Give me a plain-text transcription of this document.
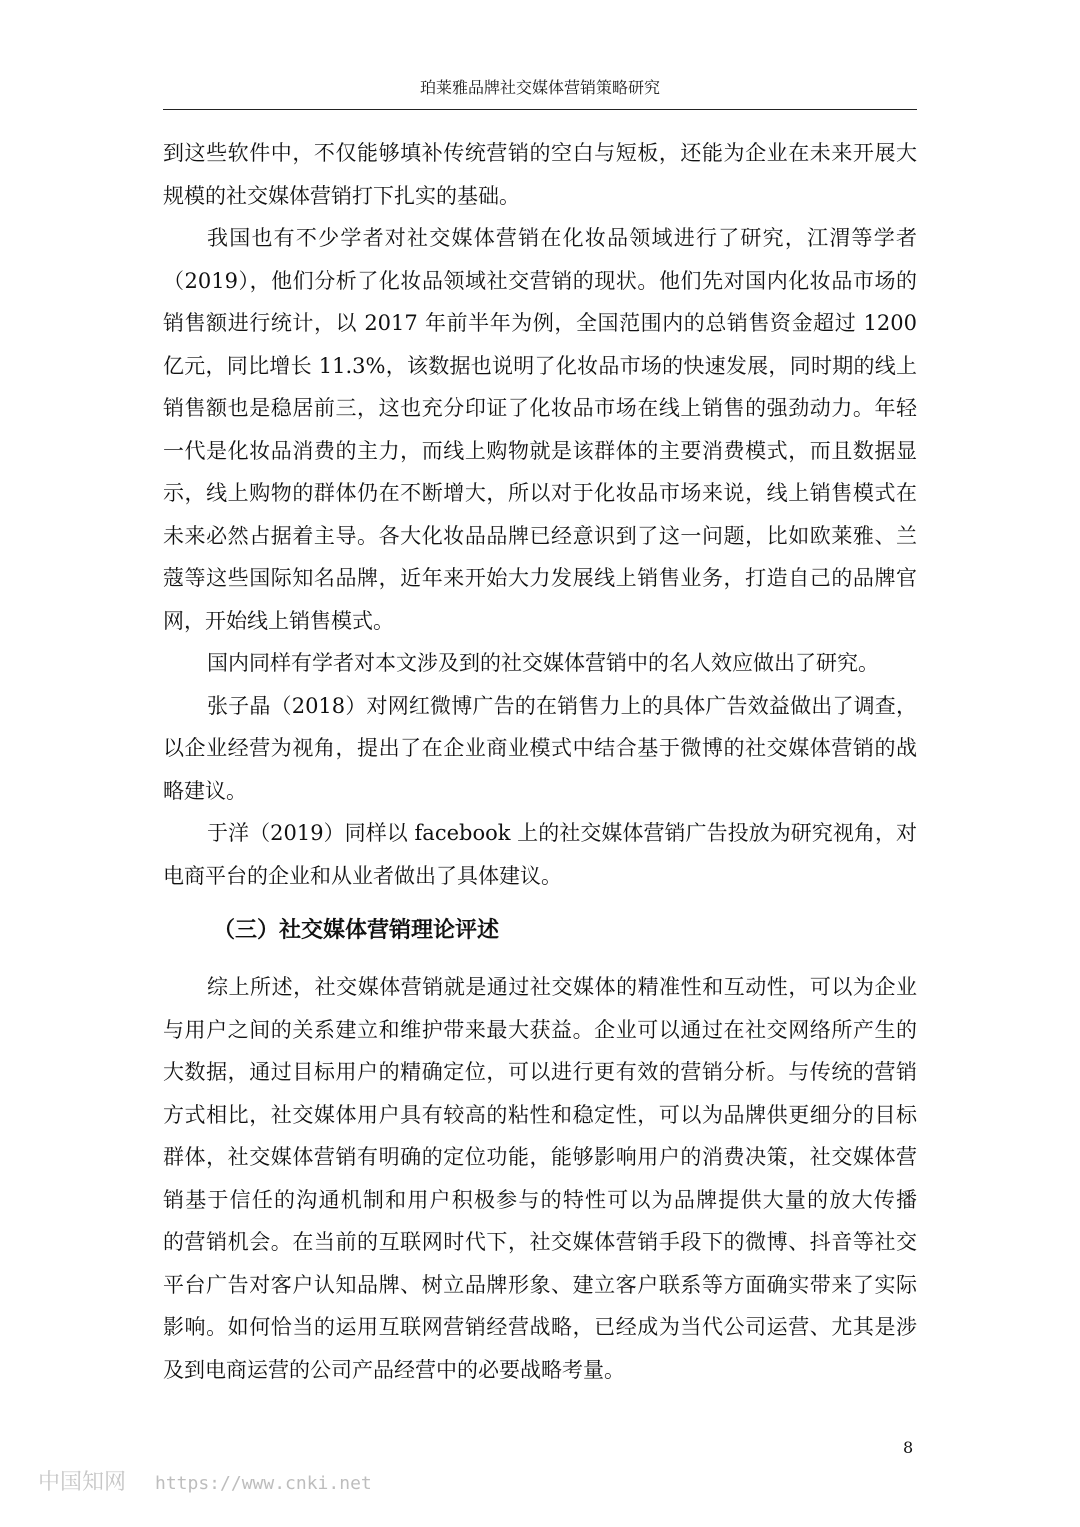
珀莱雅品牌社交媒体营销策略研究
到这些软件中，不仅能够填补传统营销的空白与短板，还能为企业在未来开展大
规模的社交媒体营销打下扎实的基础。
我国也有不少学者对社交媒体营销在化妆品领域进行了研究，江渭等学者
（2019），他们分析了化妆品领域社交营销的现状。他们先对国内化妆品市场的
销售额进行统计，以 2017 年前半年为例，全国范围内的总销售资金超过 1200
亿元，同比增长 11.3%，该数据也说明了化妆品市场的快速发展，同时期的线上
销售额也是稳居前三，这也充分印证了化妆品市场在线上销售的强劲动力。年轻
一代是化妆品消费的主力，而线上购物就是该群体的主要消费模式，而且数据显
示，线上购物的群体仍在不断增大，所以对于化妆品市场来说，线上销售模式在
未来必然占据着主导。各大化妆品品牌已经意识到了这一问题，比如欧莱雅、兰
蔻等这些国际知名品牌，近年来开始大力发展线上销售业务，打造自己的品牌官
网，开始线上销售模式。
国内同样有学者对本文涉及到的社交媒体营销中的名人效应做出了研究。
张子晶（2018）对网红微博广告的在销售力上的具体广告效益做出了调查，
以企业经营为视角，提出了在企业商业模式中结合基于微博的社交媒体营销的战
略建议。
于洋（2019）同样以 facebook 上的社交媒体营销广告投放为研究视角，对
电商平台的企业和从业者做出了具体建议。
（三）社交媒体营销理论评述
综上所述，社交媒体营销就是通过社交媒体的精准性和互动性，可以为企业
与用户之间的关系建立和维护带来最大获益。企业可以通过在社交网络所产生的
大数据，通过目标用户的精确定位，可以进行更有效的营销分析。与传统的营销
方式相比，社交媒体用户具有较高的粘性和稳定性，可以为品牌供更细分的目标
群体，社交媒体营销有明确的定位功能，能够影响用户的消费决策，社交媒体营
销基于信任的沟通机制和用户积极参与的特性可以为品牌提供大量的放大传播
的营销机会。在当前的互联网时代下，社交媒体营销手段下的微博、抖音等社交
平台广告对客户认知品牌、树立品牌形象、建立客户联系等方面确实带来了实际
影响。如何恰当的运用互联网营销经营战略，已经成为当代公司运营、尤其是涉
及到电商运营的公司产品经营中的必要战略考量。
8
中国知网 https://www.cnki.net
